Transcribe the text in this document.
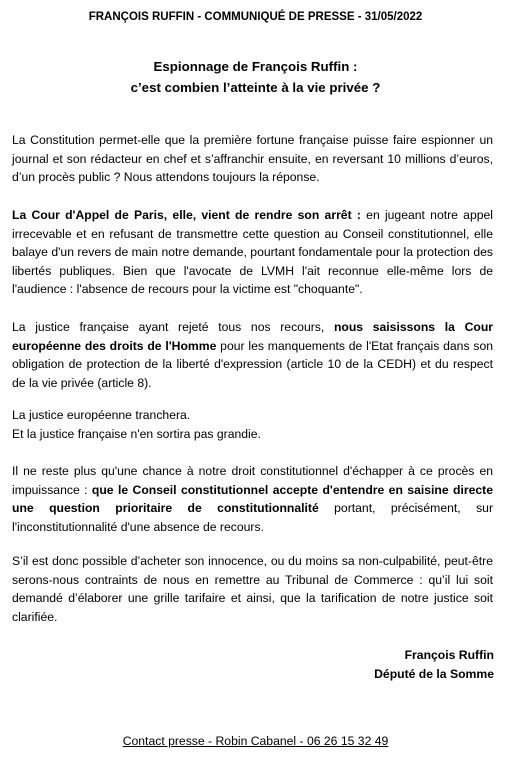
FRANÇOIS RUFFIN - COMMUNIQUÉ DE PRESSE - 31/05/2022
Espionnage de François Ruffin :
c’est combien l’atteinte à la vie privée ?

La Constitution permet-elle que la première fortune française puisse faire espionner un journal et son rédacteur en chef et s’affranchir ensuite, en reversant 10 millions d’euros, d’un procès public ? Nous attendons toujours la réponse.

La Cour d'Appel de Paris, elle, vient de rendre son arrêt : en jugeant notre appel irrecevable et en refusant de transmettre cette question au Conseil constitutionnel, elle balaye d'un revers de main notre demande, pourtant fondamentale pour la protection des libertés publiques. Bien que l'avocate de LVMH l'ait reconnue elle-même lors de l'audience : l'absence de recours pour la victime est "choquante".

La justice française ayant rejeté tous nos recours, nous saisissons la Cour européenne des droits de l'Homme pour les manquements de l'Etat français dans son obligation de protection de la liberté d'expression (article 10 de la CEDH) et du respect de la vie privée (article 8).

La justice européenne tranchera.
Et la justice française n'en sortira pas grandie.

Il ne reste plus qu'une chance à notre droit constitutionnel d'échapper à ce procès en impuissance : que le Conseil constitutionnel accepte d'entendre en saisine directe une question prioritaire de constitutionnalité portant, précisément, sur l'inconstitutionnalité d'une absence de recours.

S’il est donc possible d’acheter son innocence, ou du moins sa non-culpabilité, peut-être serons-nous contraints de nous en remettre au Tribunal de Commerce : qu’il lui soit demandé d’élaborer une grille tarifaire et ainsi, que la tarification de notre justice soit clarifiée.

François Ruffin
Député de la Somme
Contact presse - Robin Cabanel - 06 26 15 32 49
